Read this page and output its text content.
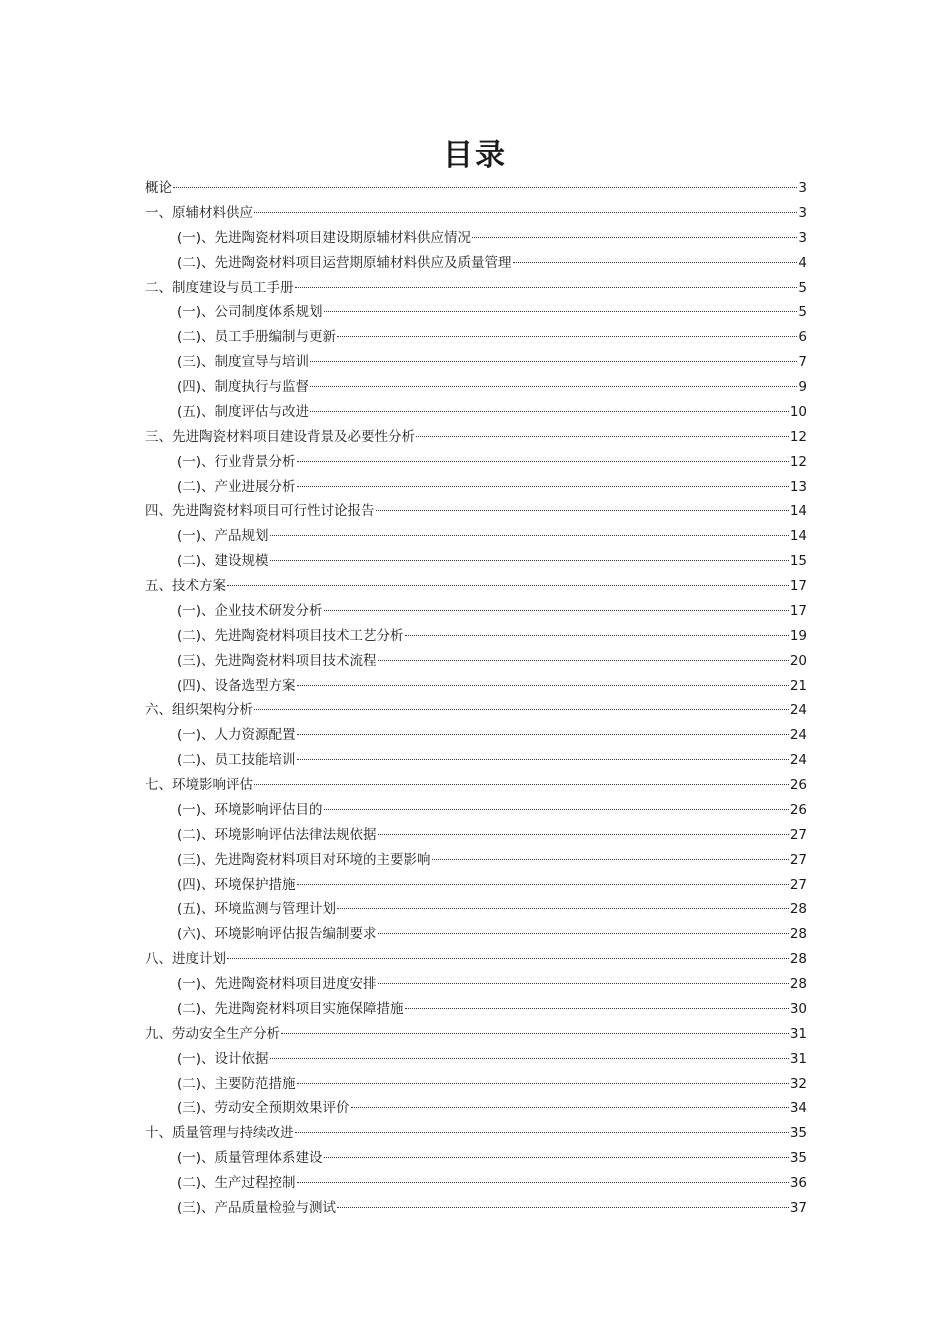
目录
概论	3
一、原辅材料供应	3
(一)、先进陶瓷材料项目建设期原辅材料供应情况	3
(二)、先进陶瓷材料项目运营期原辅材料供应及质量管理	4
二、制度建设与员工手册	5
(一)、公司制度体系规划	5
(二)、员工手册编制与更新	6
(三)、制度宣导与培训	7
(四)、制度执行与监督	9
(五)、制度评估与改进	10
三、先进陶瓷材料项目建设背景及必要性分析	12
(一)、行业背景分析	12
(二)、产业进展分析	13
四、先进陶瓷材料项目可行性讨论报告	14
(一)、产品规划	14
(二)、建设规模	15
五、技术方案	17
(一)、企业技术研发分析	17
(二)、先进陶瓷材料项目技术工艺分析	19
(三)、先进陶瓷材料项目技术流程	20
(四)、设备选型方案	21
六、组织架构分析	24
(一)、人力资源配置	24
(二)、员工技能培训	24
七、环境影响评估	26
(一)、环境影响评估目的	26
(二)、环境影响评估法律法规依据	27
(三)、先进陶瓷材料项目对环境的主要影响	27
(四)、环境保护措施	27
(五)、环境监测与管理计划	28
(六)、环境影响评估报告编制要求	28
八、进度计划	28
(一)、先进陶瓷材料项目进度安排	28
(二)、先进陶瓷材料项目实施保障措施	30
九、劳动安全生产分析	31
(一)、设计依据	31
(二)、主要防范措施	32
(三)、劳动安全预期效果评价	34
十、质量管理与持续改进	35
(一)、质量管理体系建设	35
(二)、生产过程控制	36
(三)、产品质量检验与测试	37
